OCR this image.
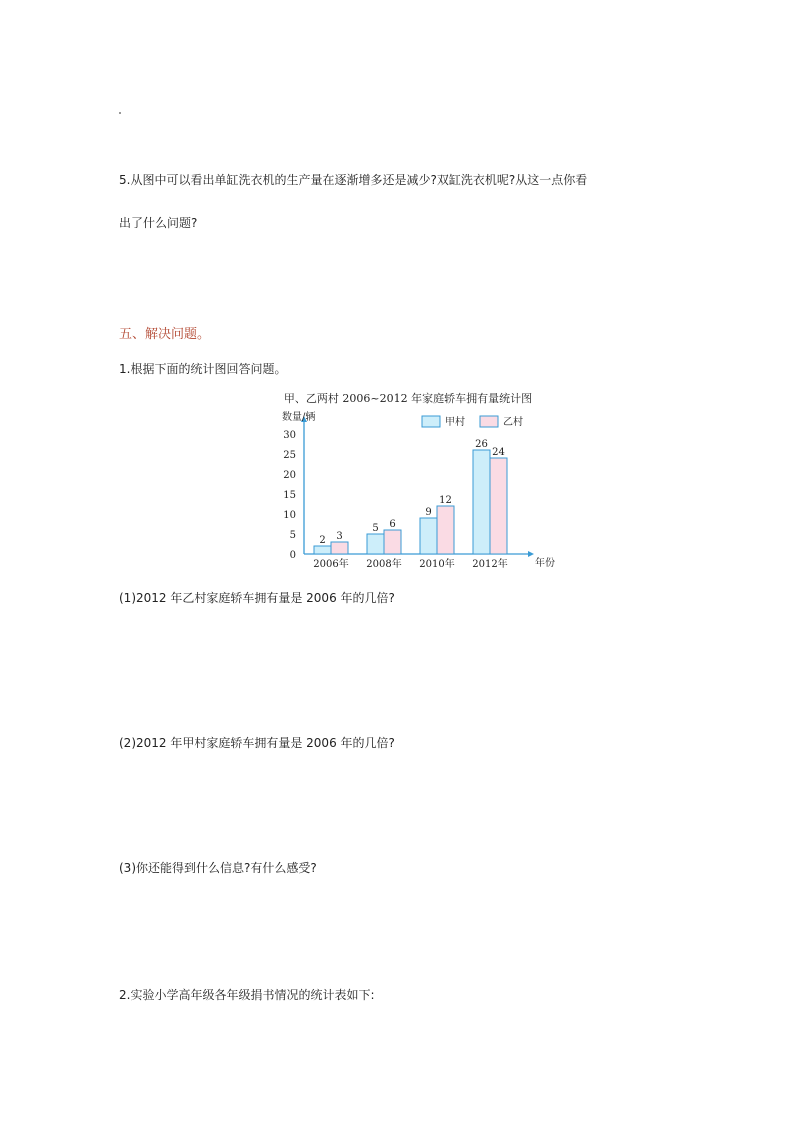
5.从图中可以看出单缸洗衣机的生产量在逐渐增多还是减少?双缸洗衣机呢?从这一点你看
出了什么问题?
五、解决问题。
1.根据下面的统计图回答问题。
甲、乙两村 2006~2012 年家庭轿车拥有量统计图
数量/辆
年份
0
5
10
15
20
25
30
2 3
2006年
5 6
2008年
9
12
2010年
26
24
2012年
甲村	乙村
(1)2012 年乙村家庭轿车拥有量是 2006 年的几倍?
(2)2012 年甲村家庭轿车拥有量是 2006 年的几倍?
(3)你还能得到什么信息?有什么感受?
2.实验小学高年级各年级捐书情况的统计表如下:
